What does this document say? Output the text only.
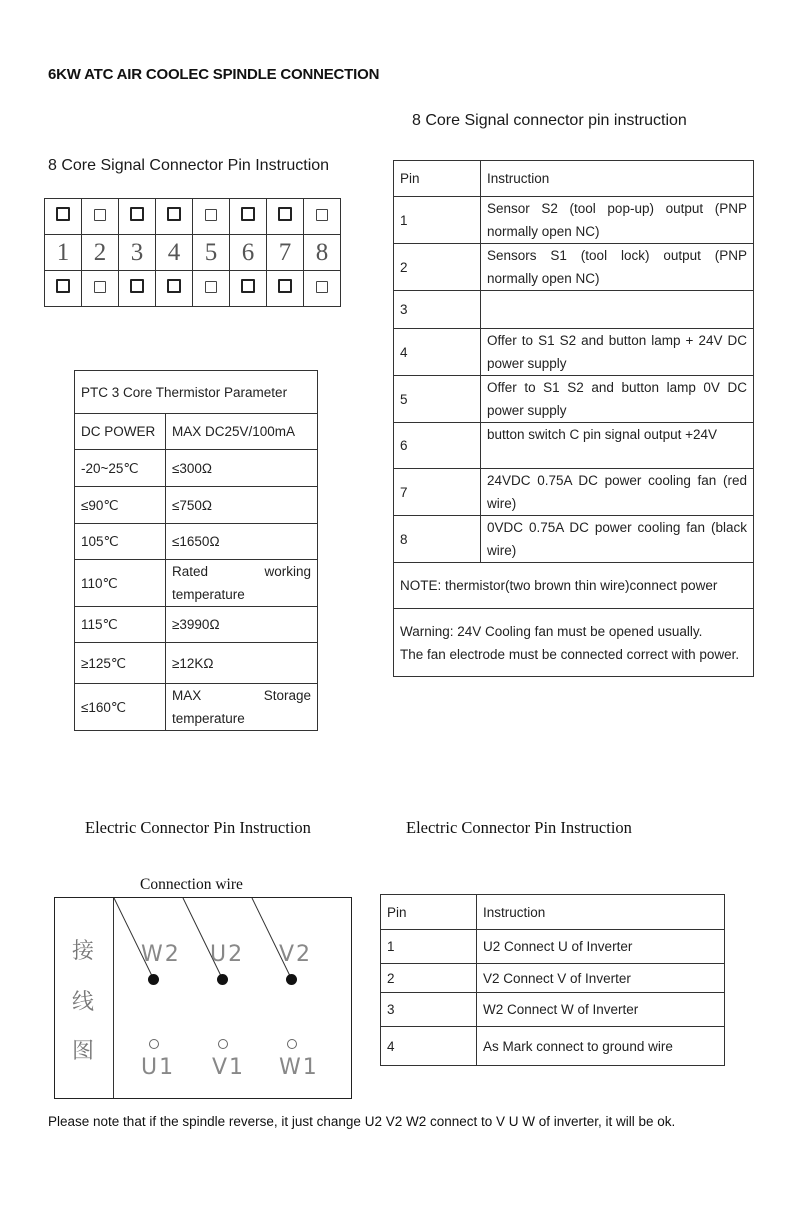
6KW ATC AIR COOLEC SPINDLE CONNECTION
8 Core Signal Connector Pin Instruction

1	2	3	4	5	6	7	8

8 Core Signal connector pin instruction
Pin	Instruction
1	Sensor S2 (tool pop-up) output (PNP normally open NC)
2	Sensors S1 (tool lock) output (PNP normally open NC)
3	
4	Offer to S1 S2 and button lamp + 24V DC power supply
5	Offer to S1 S2 and button lamp 0V DC power supply
6	button switch C pin signal output +24V
7	24VDC 0.75A DC power cooling fan (red wire)
8	0VDC 0.75A DC power cooling fan (black wire)
NOTE: thermistor(two brown thin wire)connect power	

Warning: 24V Cooling fan must be opened usually.
The fan electrode must be connected correct with power.	
PTC 3 Core Thermistor Parameter	
DC POWER	MAX DC25V/100mA
-20~25℃	≤300Ω
≤90℃	≤750Ω
105℃	≤1650Ω
110℃	Rated working temperature
115℃	≥3990Ω
≥125℃	≥12KΩ
≤160℃	MAX Storage temperature
Electric Connector Pin Instruction	Electric Connector Pin Instruction
Connection wire
接
线
图
W2 U2 V2
U1 V1 W1
Pin	Instruction
1	U2 Connect U of Inverter
2	V2 Connect V of Inverter
3	W2 Connect W of Inverter
4	As Mark connect to ground wire
Please note that if the spindle reverse, it just change U2 V2 W2 connect to V U W of inverter, it will be ok.
